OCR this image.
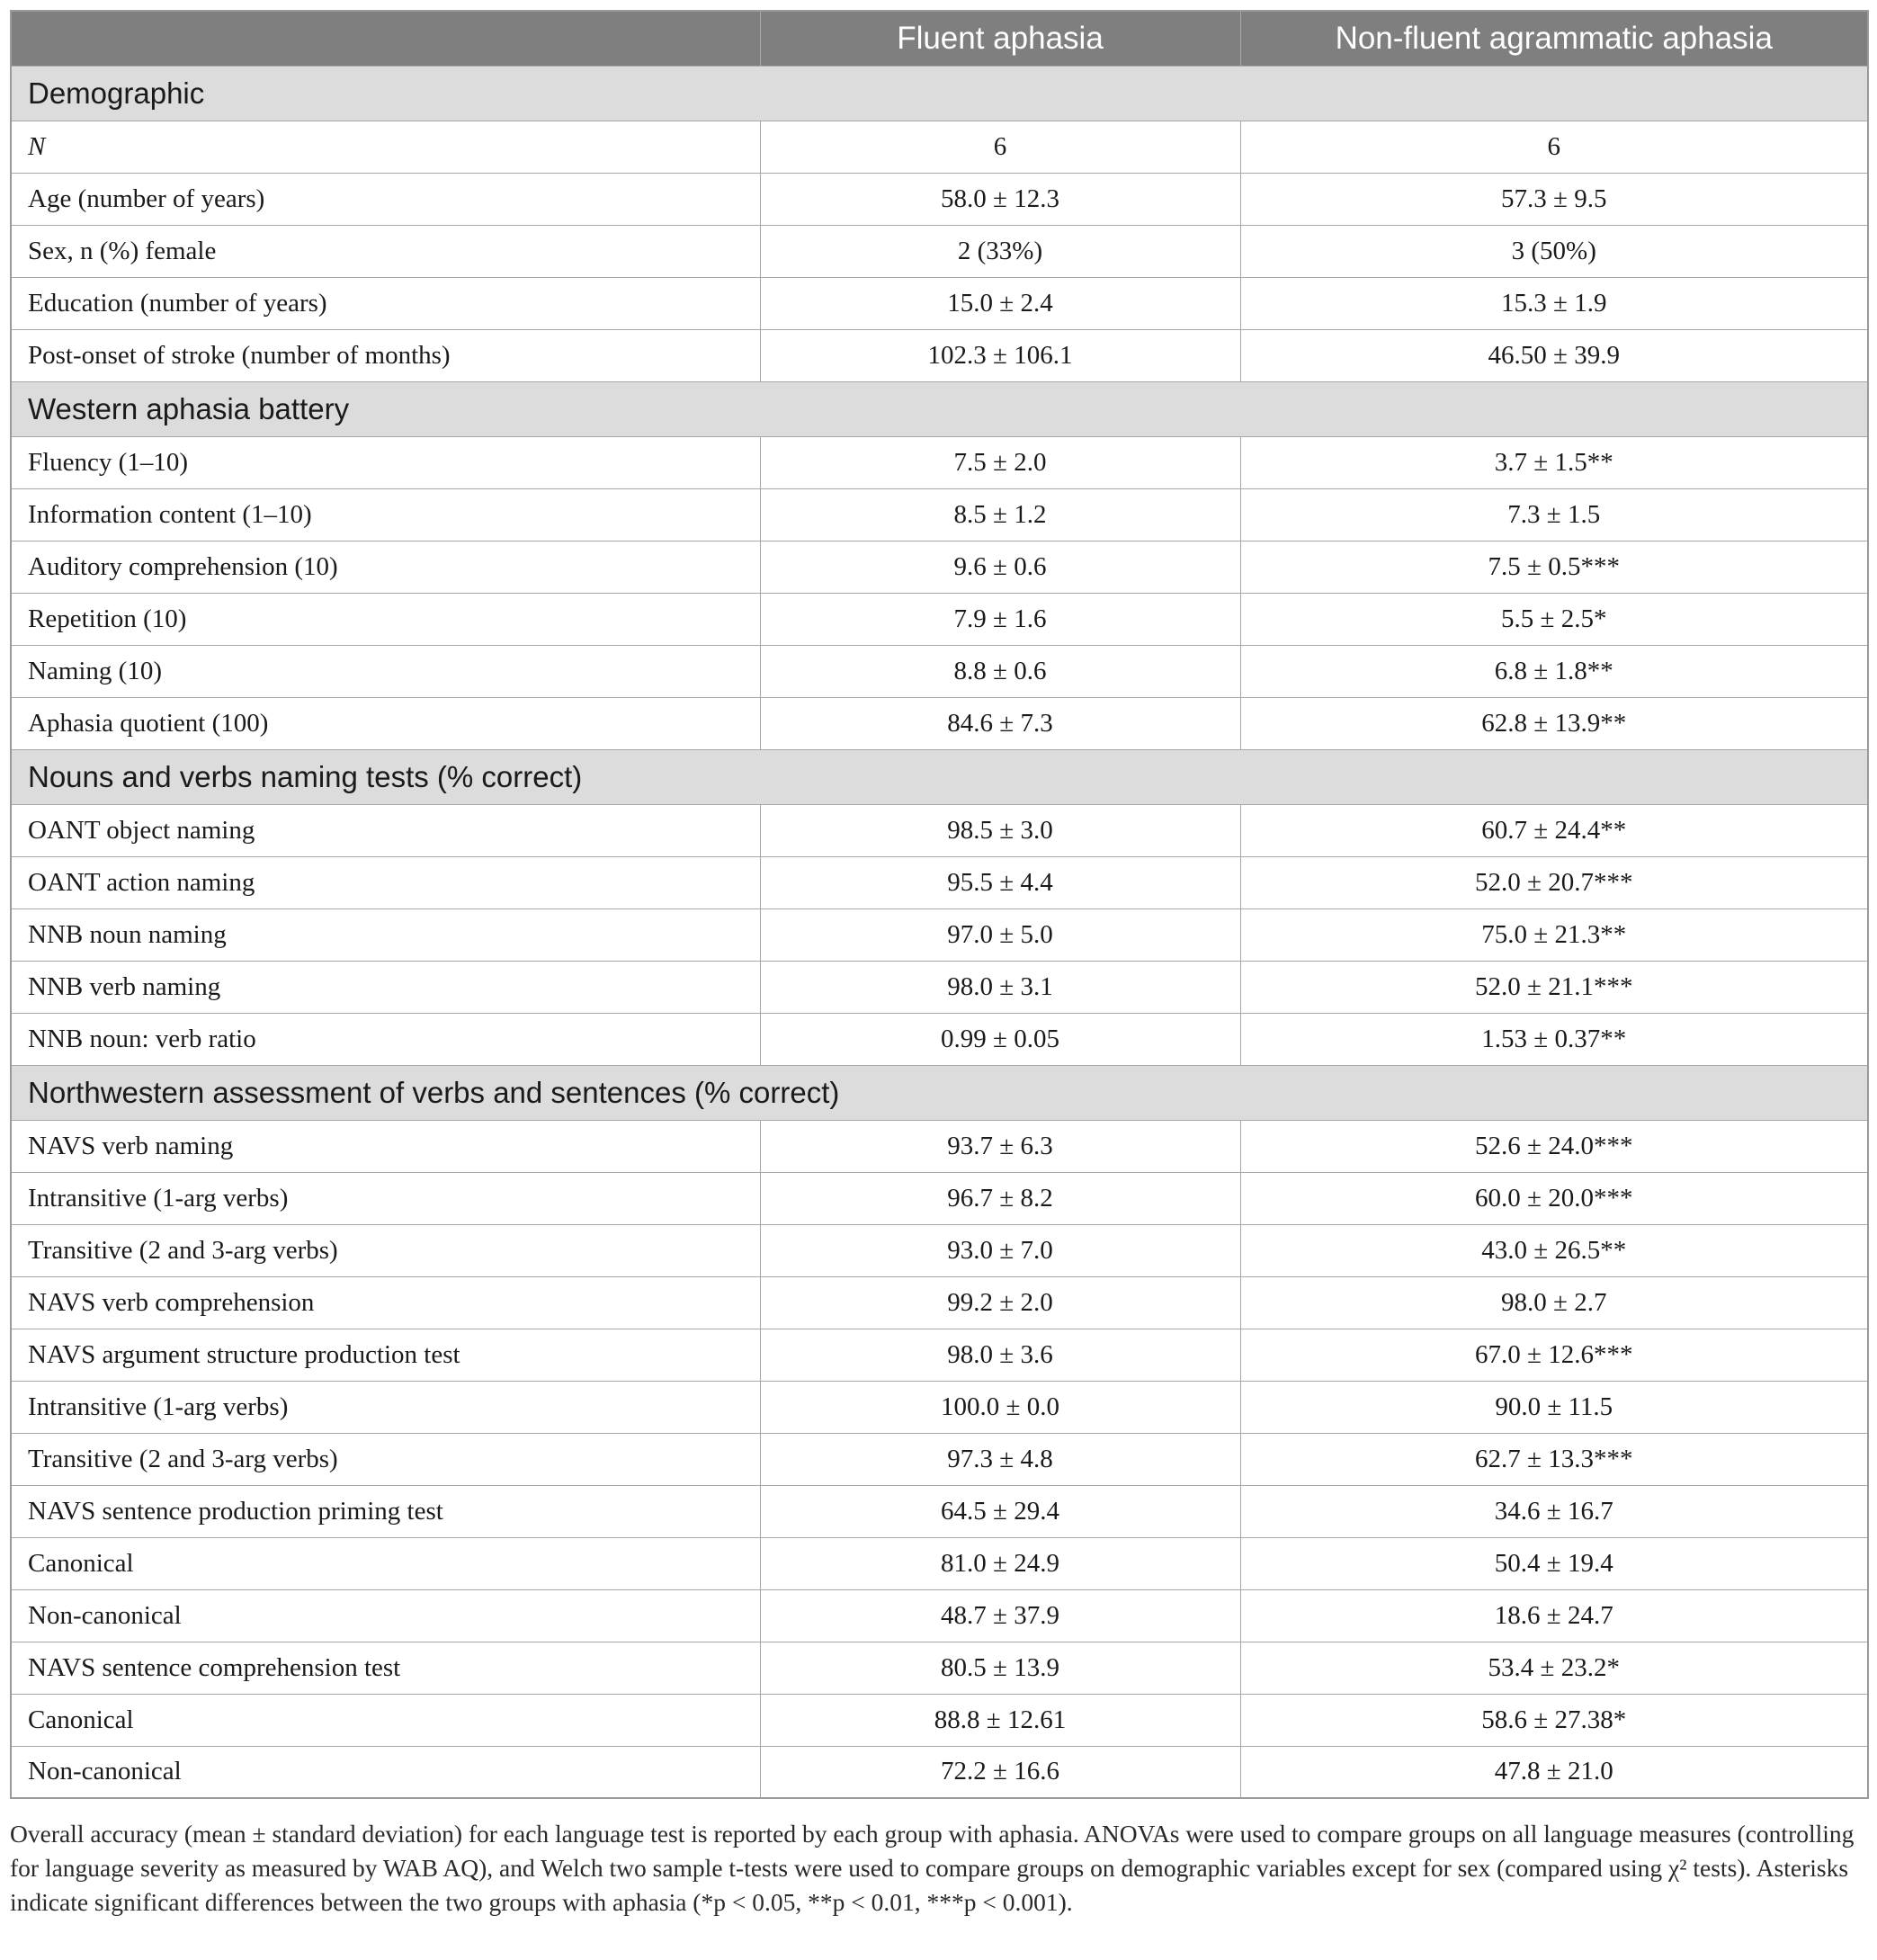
	Fluent aphasia	Non-fluent agrammatic aphasia
Demographic		
N	6	6
Age (number of years)	58.0 ± 12.3	57.3 ± 9.5
Sex, n (%) female	2 (33%)	3 (50%)
Education (number of years)	15.0 ± 2.4	15.3 ± 1.9
Post-onset of stroke (number of months)	102.3 ± 106.1	46.50 ± 39.9
Western aphasia battery		
Fluency (1–10)	7.5 ± 2.0	3.7 ± 1.5**
Information content (1–10)	8.5 ± 1.2	7.3 ± 1.5
Auditory comprehension (10)	9.6 ± 0.6	7.5 ± 0.5***
Repetition (10)	7.9 ± 1.6	5.5 ± 2.5*
Naming (10)	8.8 ± 0.6	6.8 ± 1.8**
Aphasia quotient (100)	84.6 ± 7.3	62.8 ± 13.9**
Nouns and verbs naming tests (% correct)		
OANT object naming	98.5 ± 3.0	60.7 ± 24.4**
OANT action naming	95.5 ± 4.4	52.0 ± 20.7***
NNB noun naming	97.0 ± 5.0	75.0 ± 21.3**
NNB verb naming	98.0 ± 3.1	52.0 ± 21.1***
NNB noun: verb ratio	0.99 ± 0.05	1.53 ± 0.37**
Northwestern assessment of verbs and sentences (% correct)		
NAVS verb naming	93.7 ± 6.3	52.6 ± 24.0***
Intransitive (1-arg verbs)	96.7 ± 8.2	60.0 ± 20.0***
Transitive (2 and 3-arg verbs)	93.0 ± 7.0	43.0 ± 26.5**
NAVS verb comprehension	99.2 ± 2.0	98.0 ± 2.7
NAVS argument structure production test	98.0 ± 3.6	67.0 ± 12.6***
Intransitive (1-arg verbs)	100.0 ± 0.0	90.0 ± 11.5
Transitive (2 and 3-arg verbs)	97.3 ± 4.8	62.7 ± 13.3***
NAVS sentence production priming test	64.5 ± 29.4	34.6 ± 16.7
Canonical	81.0 ± 24.9	50.4 ± 19.4
Non-canonical	48.7 ± 37.9	18.6 ± 24.7
NAVS sentence comprehension test	80.5 ± 13.9	53.4 ± 23.2*
Canonical	88.8 ± 12.61	58.6 ± 27.38*
Non-canonical	72.2 ± 16.6	47.8 ± 21.0

Overall accuracy (mean ± standard deviation) for each language test is reported by each group with aphasia. ANOVAs were used to compare groups on all language measures (controlling for language severity as measured by WAB AQ), and Welch two sample t-tests were used to compare groups on demographic variables except for sex (compared using χ² tests). Asterisks indicate significant differences between the two groups with aphasia (*p < 0.05, **p < 0.01, ***p < 0.001).
